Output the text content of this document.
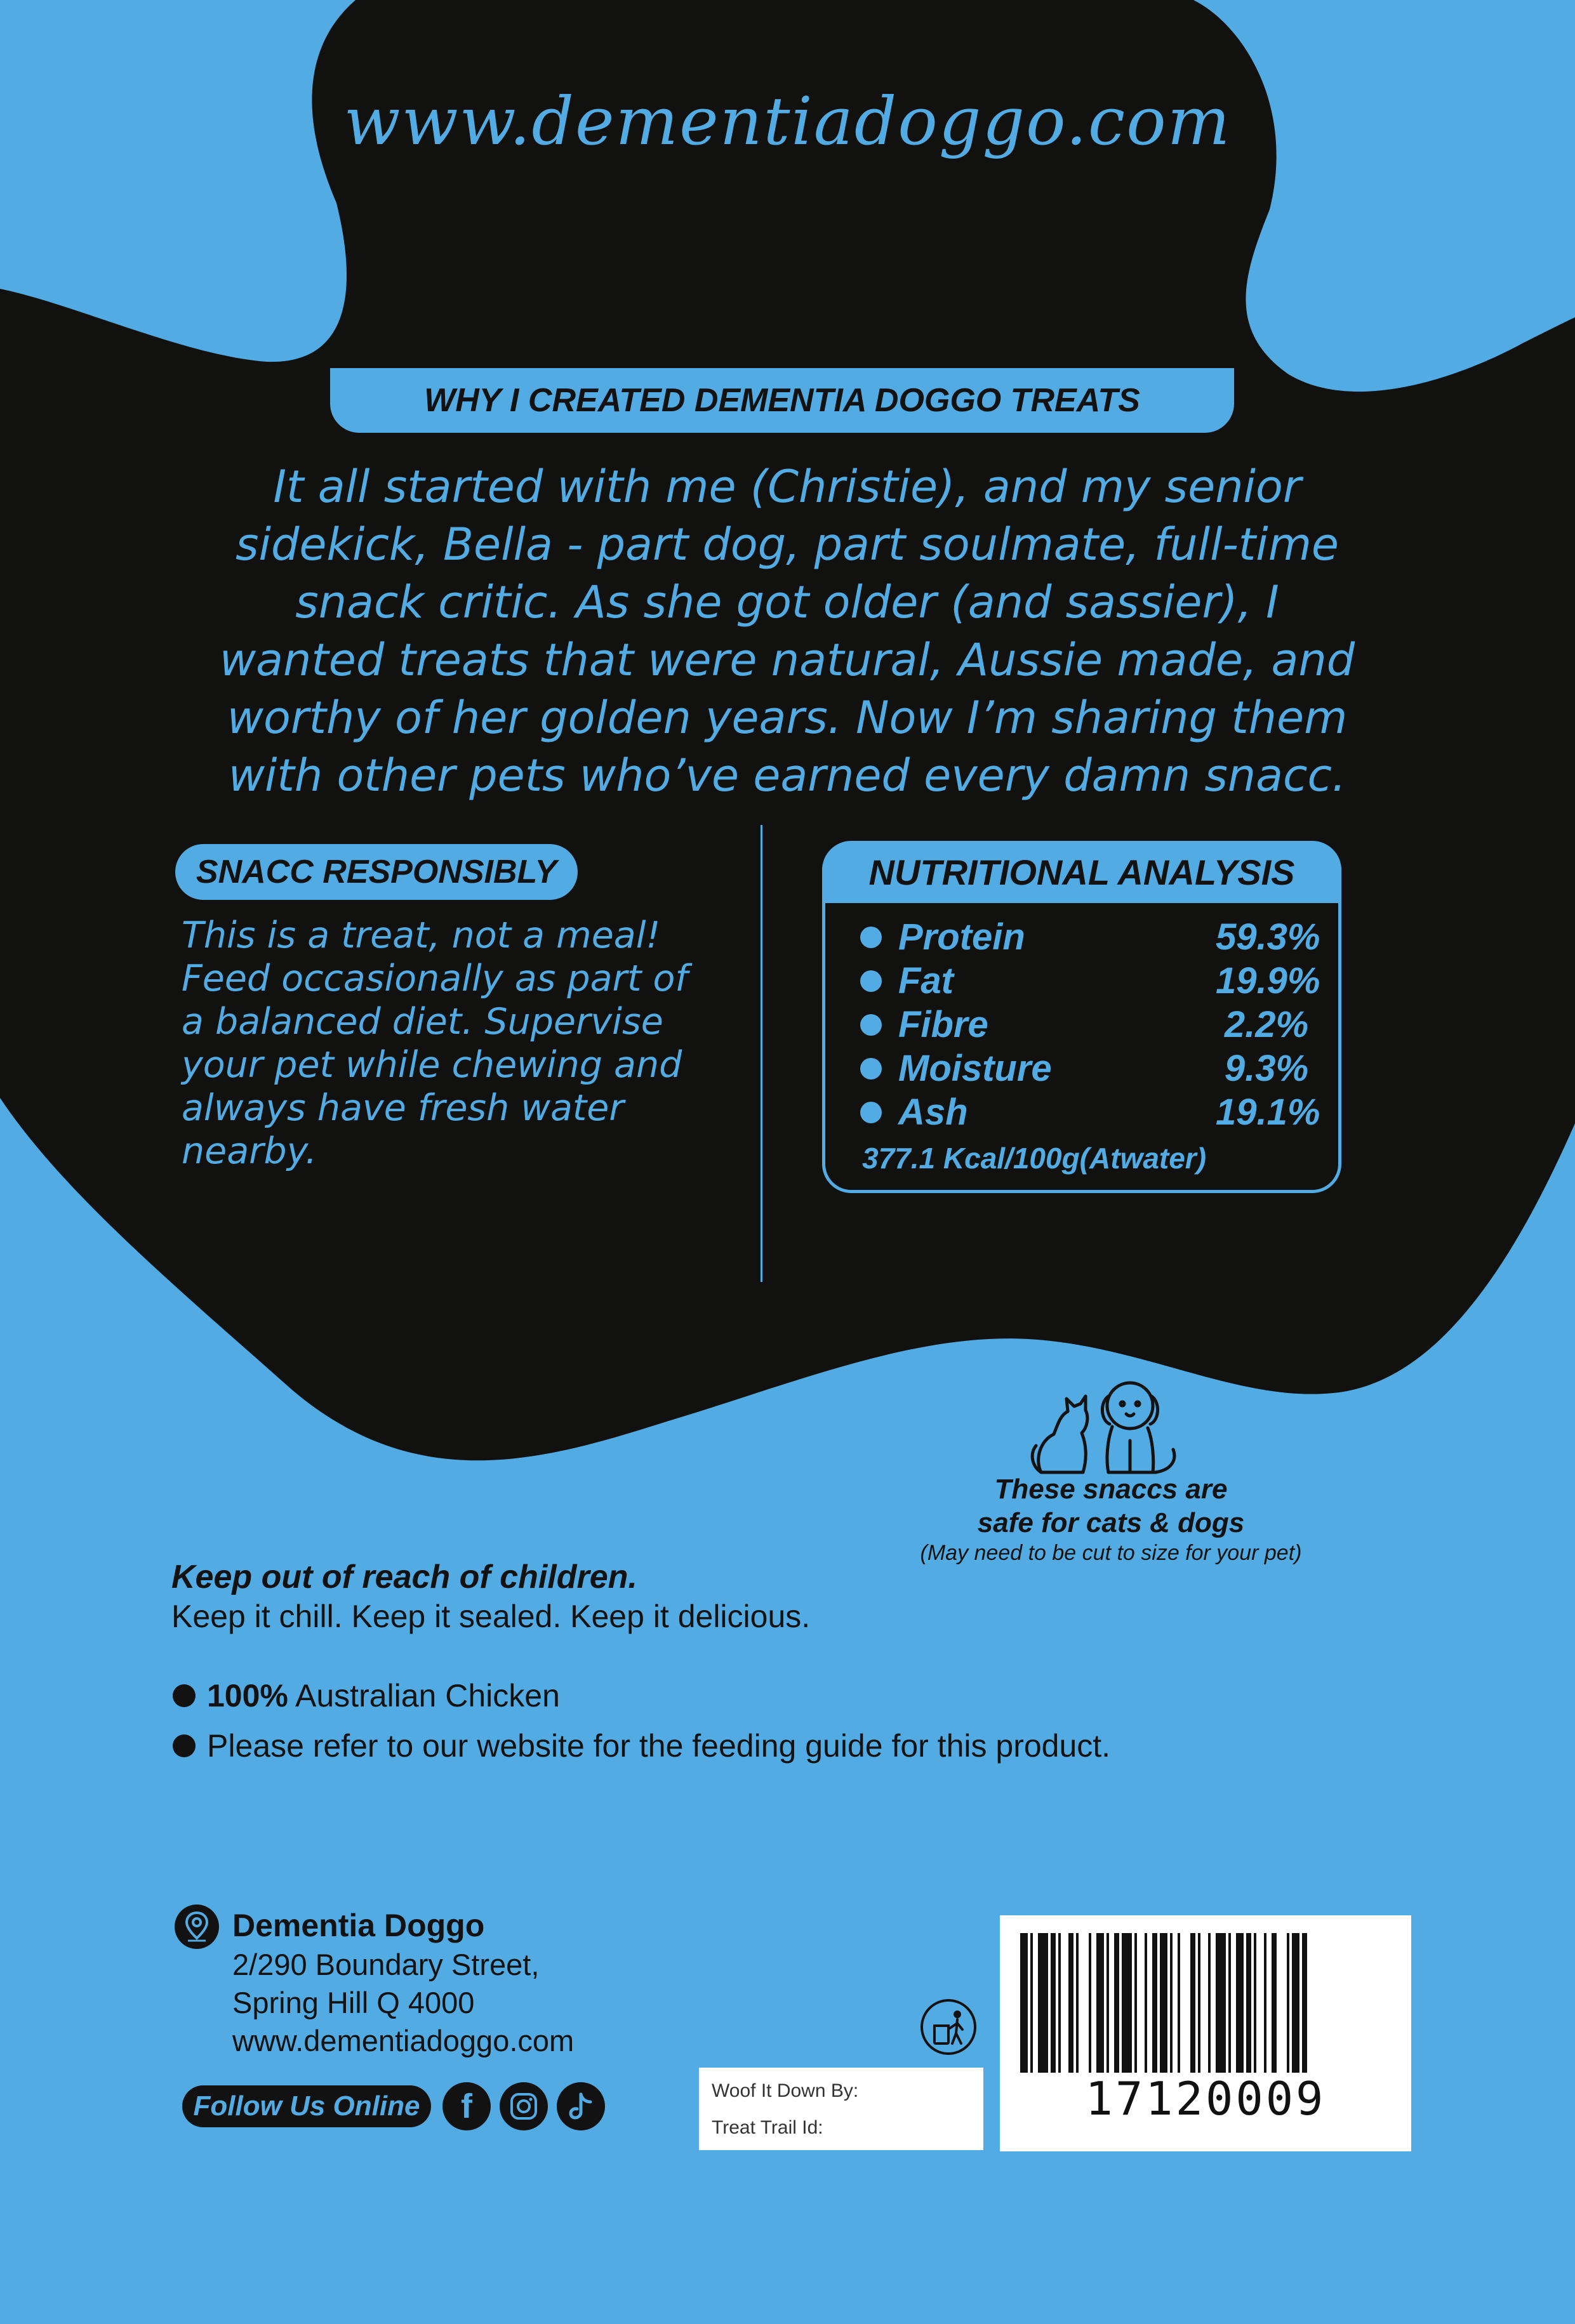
www.dementiadoggo.com
WHY I CREATED DEMENTIA DOGGO TREATS
It all started with me (Christie), and my senior
sidekick, Bella - part dog, part soulmate, full-time
snack critic. As she got older (and sassier), I
wanted treats that were natural, Aussie made, and
worthy of her golden years. Now I’m sharing them
with other pets who’ve earned every damn snacc.
SNACC RESPONSIBLY
This is a treat, not a meal!
Feed occasionally as part of
a balanced diet. Supervise
your pet while chewing and
always have fresh water
nearby.
NUTRITIONAL ANALYSIS
Protein	59.3%
Fat	19.9%
Fibre	2.2%
Moisture	9.3%
Ash	19.1%
377.1 Kcal/100g(Atwater)
These snaccs are
safe for cats & dogs
(May need to be cut to size for your pet)
Keep out of reach of children.
Keep it chill. Keep it sealed. Keep it delicious.
100% Australian Chicken
Please refer to our website for the feeding guide for this product.
Dementia Doggo
2/290 Boundary Street,
Spring Hill Q 4000
www.dementiadoggo.com
Follow Us Online	f	Woof It Down By:
Treat Trail Id:
17120009
